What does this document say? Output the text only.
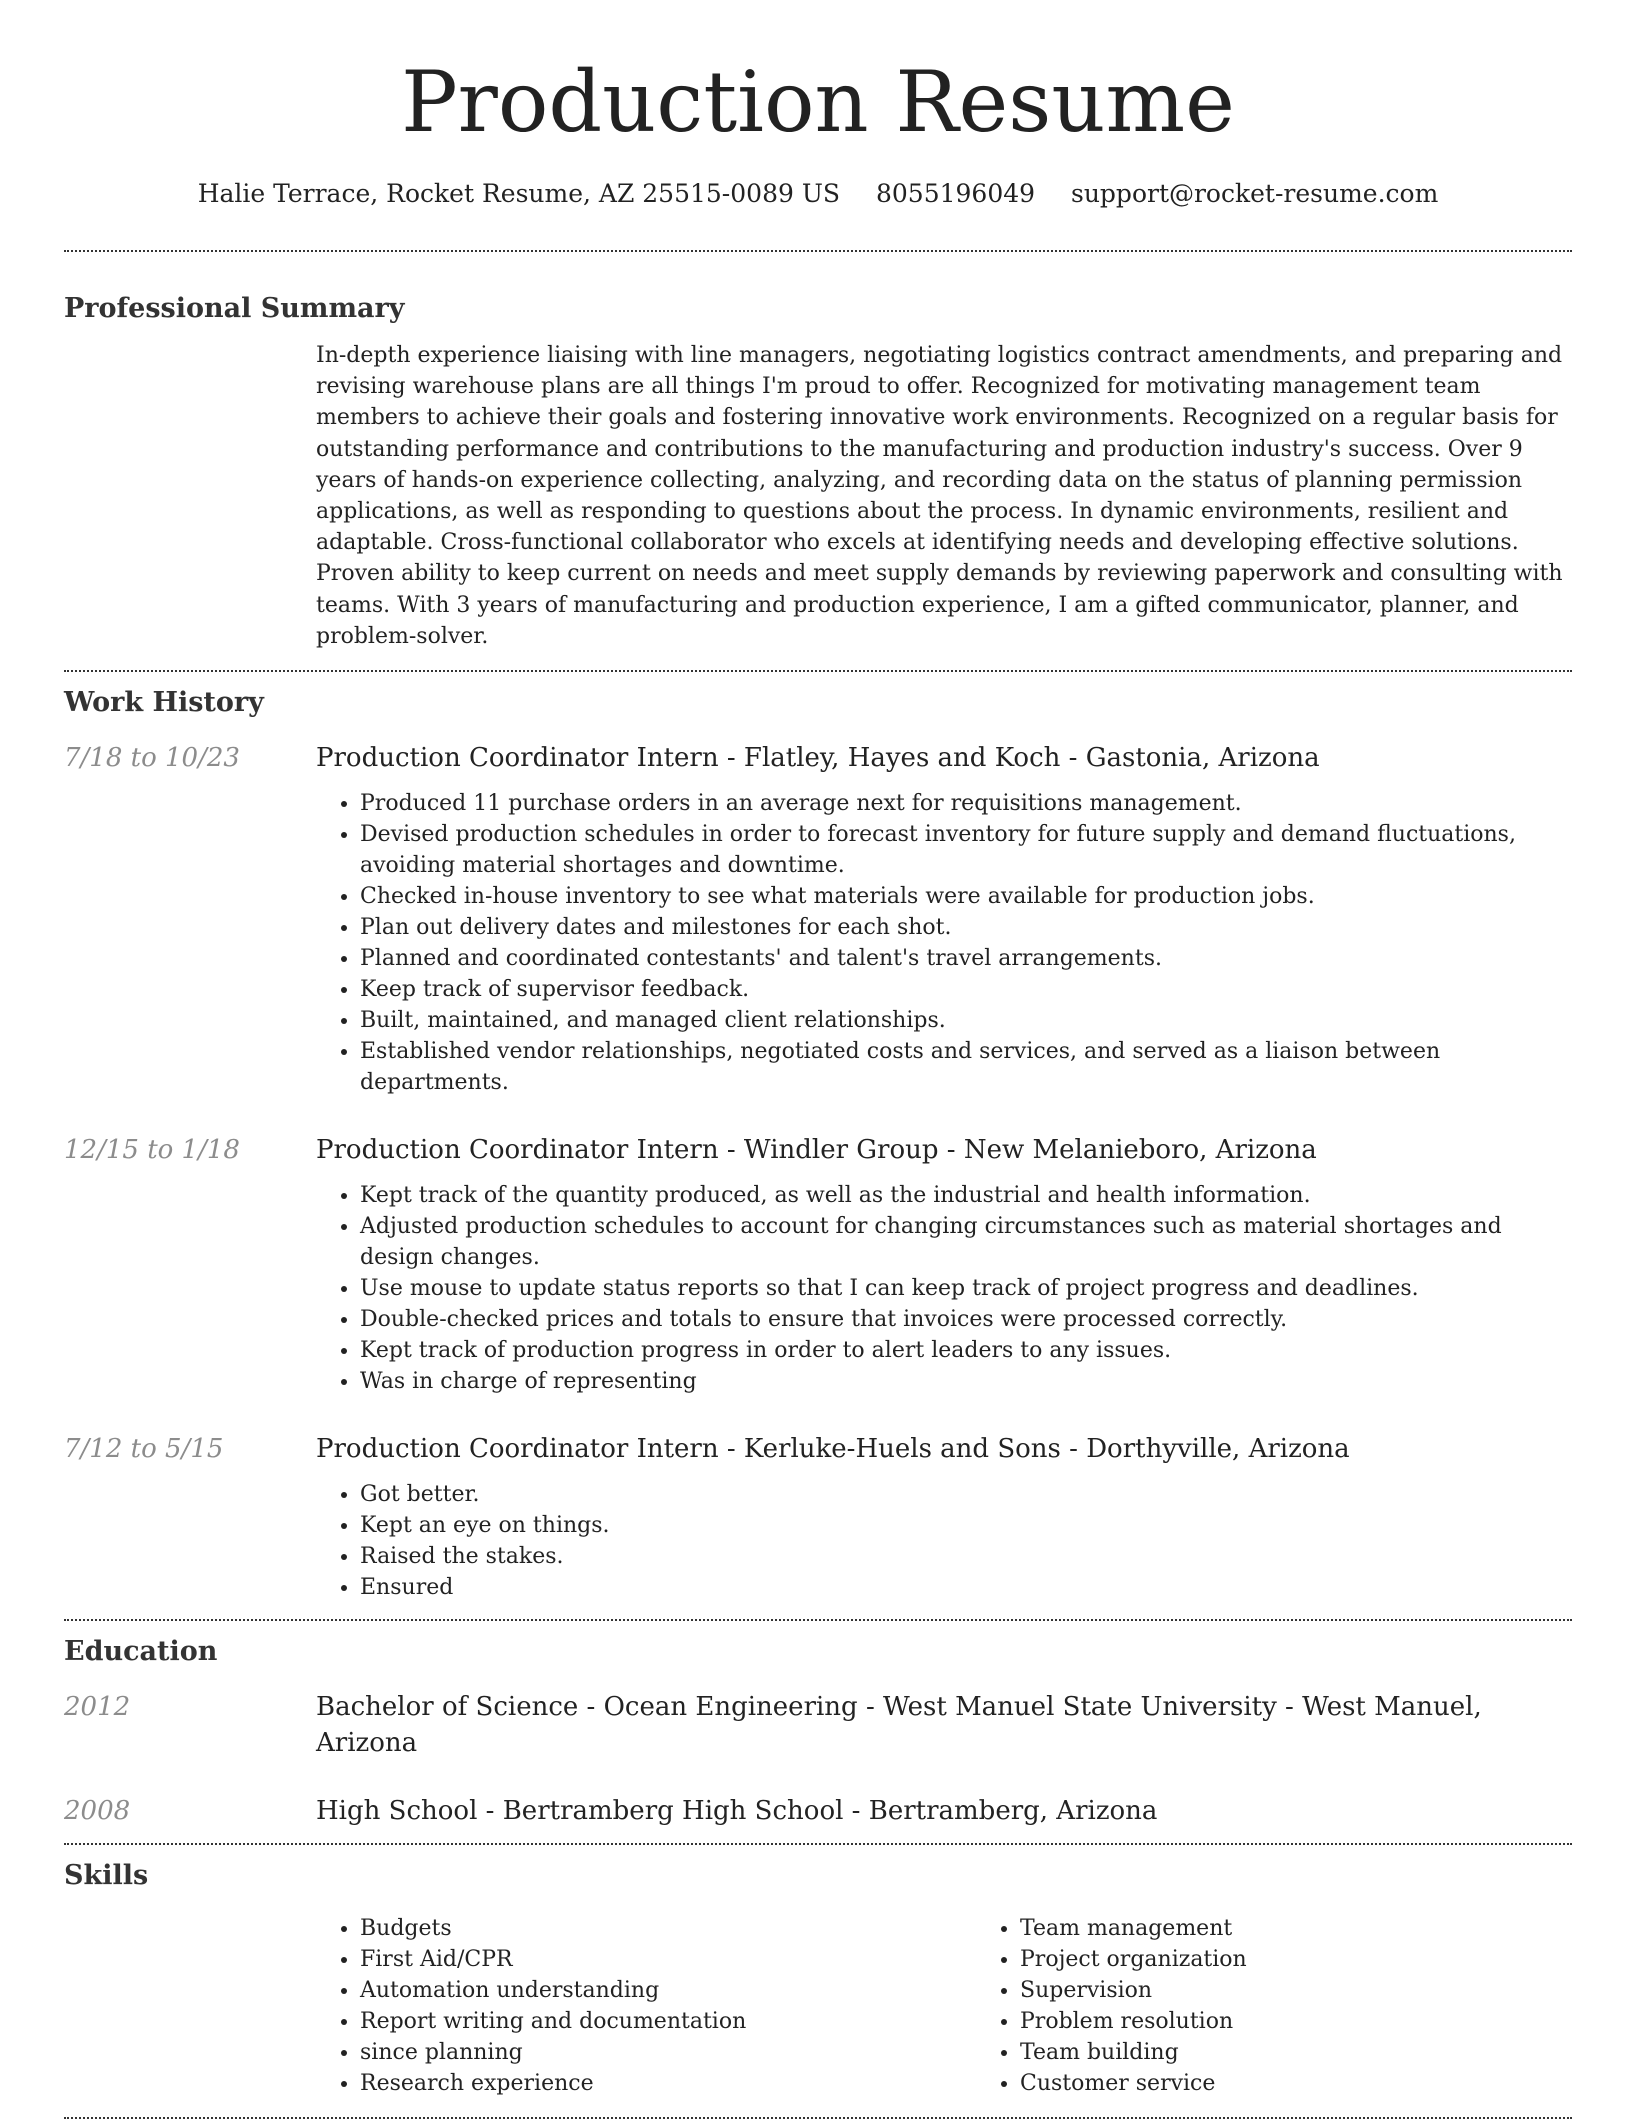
Production Resume
Halie Terrace, Rocket Resume, AZ 25515-0089 US 8055196049 support@rocket-resume.com
Professional Summary
In-depth experience liaising with line managers, negotiating logistics contract amendments, and preparing and revising warehouse plans are all things I'm proud to offer. Recognized for motivating management team members to achieve their goals and fostering innovative work environments. Recognized on a regular basis for outstanding performance and contributions to the manufacturing and production industry's success. Over 9 years of hands-on experience collecting, analyzing, and recording data on the status of planning permission applications, as well as responding to questions about the process. In dynamic environments, resilient and adaptable. Cross-functional collaborator who excels at identifying needs and developing effective solutions. Proven ability to keep current on needs and meet supply demands by reviewing paperwork and consulting with teams. With 3 years of manufacturing and production experience, I am a gifted communicator, planner, and problem-solver.
Work History
7/18 to 10/23	Production Coordinator Intern - Flatley, Hayes and Koch - Gastonia, Arizona
• Produced 11 purchase orders in an average next for requisitions management.
• Devised production schedules in order to forecast inventory for future supply and demand fluctuations, avoiding material shortages and downtime.
• Checked in-house inventory to see what materials were available for production jobs.
• Plan out delivery dates and milestones for each shot.
• Planned and coordinated contestants' and talent's travel arrangements.
• Keep track of supervisor feedback.
• Built, maintained, and managed client relationships.
• Established vendor relationships, negotiated costs and services, and served as a liaison between departments.
12/15 to 1/18	Production Coordinator Intern - Windler Group - New Melanieboro, Arizona
• Kept track of the quantity produced, as well as the industrial and health information.
• Adjusted production schedules to account for changing circumstances such as material shortages and design changes.
• Use mouse to update status reports so that I can keep track of project progress and deadlines.
• Double-checked prices and totals to ensure that invoices were processed correctly.
• Kept track of production progress in order to alert leaders to any issues.
• Was in charge of representing
7/12 to 5/15	Production Coordinator Intern - Kerluke-Huels and Sons - Dorthyville, Arizona
• Got better.
• Kept an eye on things.
• Raised the stakes.
• Ensured
Education
2012	Bachelor of Science - Ocean Engineering - West Manuel State University - West Manuel, Arizona
2008	High School - Bertramberg High School - Bertramberg, Arizona
Skills
• Budgets
• First Aid/CPR
• Automation understanding
• Report writing and documentation
• since planning
• Research experience
• Team management
• Project organization
• Supervision
• Problem resolution
• Team building
• Customer service
